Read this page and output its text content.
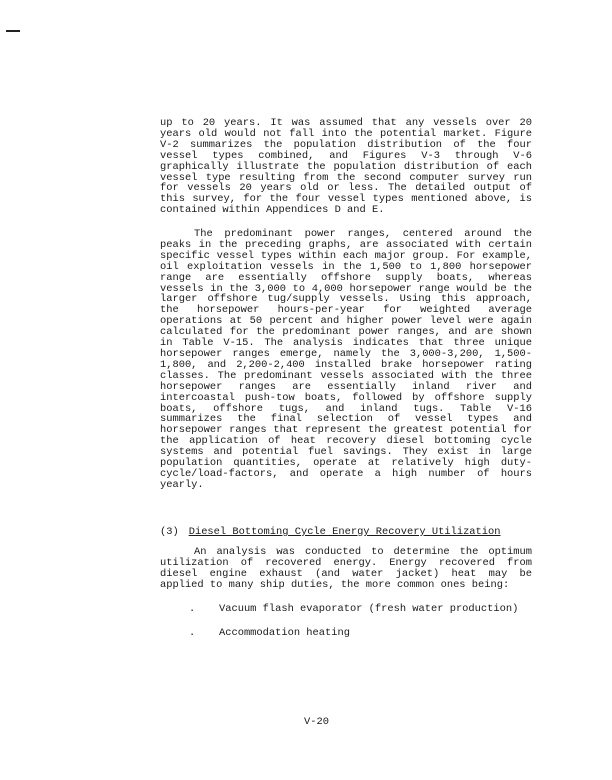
up to 20 years. It was assumed that any vessels over 20 years old would not fall into the potential market. Figure V-2 summarizes the population distribution of the four vessel types combined, and Figures V-3 through V-6 graphically illustrate the population distribution of each vessel type resulting from the second computer survey run for vessels 20 years old or less. The detailed output of this survey, for the four vessel types mentioned above, is contained within Appendices D and E.

The predominant power ranges, centered around the peaks in the preceding graphs, are associated with certain specific vessel types within each major group. For example, oil exploitation vessels in the 1,500 to 1,800 horsepower range are essentially offshore supply boats, whereas vessels in the 3,000 to 4,000 horsepower range would be the larger offshore tug/supply vessels. Using this approach, the horsepower hours-per-year for weighted average operations at 50 percent and higher power level were again calculated for the predominant power ranges, and are shown in Table V-15. The analysis indicates that three unique horsepower ranges emerge, namely the 3,000-3,200, 1,500-1,800, and 2,200-2,400 installed brake horsepower rating classes. The predominant vessels associated with the three horsepower ranges are essentially inland river and intercoastal push-tow boats, followed by offshore supply boats, offshore tugs, and inland tugs. Table V-16 summarizes the final selection of vessel types and horsepower ranges that represent the greatest potential for the application of heat recovery diesel bottoming cycle systems and potential fuel savings. They exist in large population quantities, operate at relatively high duty-cycle/load-factors, and operate a high number of hours yearly.

(3) Diesel Bottoming Cycle Energy Recovery Utilization

An analysis was conducted to determine the optimum utilization of recovered energy. Energy recovered from diesel engine exhaust (and water jacket) heat may be applied to many ship duties, the more common ones being:

. Vacuum flash evaporator (fresh water production)
. Accommodation heating

V-20
